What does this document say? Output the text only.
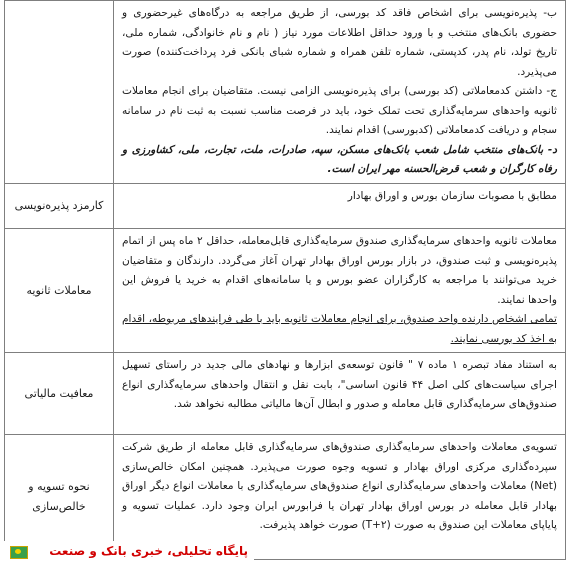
ب- پذیره‌نویسی برای اشخاص فاقد کد بورسی، از طریق مراجعه به درگاه‌های غیرحضوری و حضوری بانک‌های منتخب و با ورود حداقل اطلاعات مورد نیاز ( نام و نام خانوادگی، شماره ملی، تاریخ تولد، نام پدر، کدپستی، شماره تلفن همراه و شماره شبای بانکی فرد پرداخت‌کننده) صورت می‌پذیرد.

ج- داشتن کدمعاملاتی (کد بورسی) برای پذیره‌نویسی الزامی نیست. متقاضیان برای انجام معاملات ثانویه واحدهای سرمایه‌گذاری تحت تملک خود، باید در فرصت مناسب نسبت به ثبت نام در سامانه سجام و دریافت کدمعاملاتی (کدبورسی) اقدام نمایند.

د- بانک‌های منتخب شامل شعب بانک‌های مسکن، سپه، صادرات، ملت، تجارت، ملی، کشاورزی و رفاه کارگران و شعب قرض‌الحسنه مهر ایران است.	

مطابق با مصوبات سازمان بورس و اوراق بهادار	کارمزد پذیره‌نویسی

معاملات ثانویه واحدهای سرمایه‌گذاری صندوق سرمایه‌گذاری قابل‌معامله، حداقل ۲ ماه پس از اتمام پذیره‌نویسی و ثبت صندوق، در بازار بورس اوراق بهادار تهران آغاز می‌گردد. دارندگان و متقاضیان خرید می‌توانند با مراجعه به کارگزاران عضو بورس و یا سامانه‌های اقدام به خرید یا فروش این واحدها نمایند.

تمامی اشخاص دارنده واحد صندوق، برای انجام معاملات ثانویه باید با طی فرایندهای مربوطه، اقدام به اخذ کد بورسی نمایند.	معاملات ثانویه

به استناد مفاد تبصره ۱ ماده ۷ " قانون توسعه‌ی ابزارها و نهادهای مالی جدید در راستای تسهیل اجرای سیاست‌های کلی اصل ۴۴ قانون اساسی"، بابت نقل و انتقال واحدهای سرمایه‌گذاری انواع صندوق‌های سرمایه‌گذاری قابل معامله و صدور و ابطال آن‌ها مالیاتی مطالبه نخواهد شد.	معافیت مالیاتی

تسویه‌ی معاملات واحدهای سرمایه‌گذاری صندوق‌های سرمایه‌گذاری قابل معامله از طریق شرکت سپرده‌گذاری مرکزی اوراق بهادار و تسویه وجوه صورت می‌پذیرد. همچنین امکان خالص‌سازی (Net) معاملات واحدهای سرمایه‌گذاری انواع صندوق‌های سرمایه‌گذاری با معاملات انواع دیگر اوراق بهادار قابل معامله در بورس اوراق بهادار تهران یا فرابورس ایران وجود دارد. عملیات تسویه و پایاپای معاملات این صندوق به صورت (T+۲) صورت خواهد پذیرفت.	نحوه تسویه و خالص‌سازی
پایگاه تحلیلی، خبری بانک و صنعت
